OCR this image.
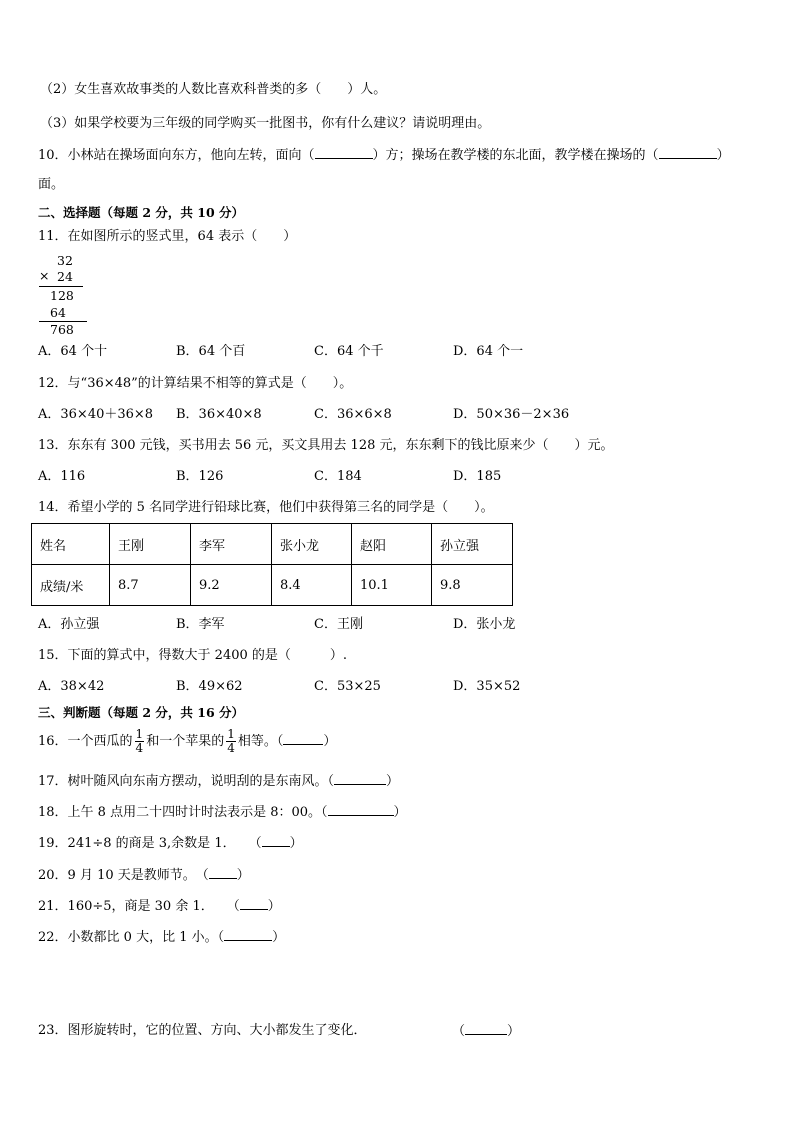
（2）女生喜欢故事类的人数比喜欢科普类的多（　　）人。
（3）如果学校要为三年级的同学购买一批图书，你有什么建议？请说明理由。
10．小林站在操场面向东方，他向左转，面向（	）方；操场在教学楼的东北面，教学楼在操场的（	）
面。
二、选择题（每题 2 分，共 10 分）
11．在如图所示的竖式里，64 表示（　　）
32
× 24
128
64
768
A．64 个十	B．64 个百	C．64 个千	D．64 个一
12．与“36×48”的计算结果不相等的算式是（　　）。
A．36×40＋36×8 B．36×40×8	C．36×6×8	D．50×36－2×36
13．东东有 300 元钱，买书用去 56 元，买文具用去 128 元，东东剩下的钱比原来少（　　）元。
A．116	B．126	C．184	D．185
14．希望小学的 5 名同学进行铅球比赛，他们中获得第三名的同学是（　　）。
姓名	王刚	李军	张小龙	赵阳	孙立强
成绩/米	8.7	9.2	8.4	10.1	9.8
A．孙立强	B．李军	C．王刚	D．张小龙
15．下面的算式中，得数大于 2400 的是（　　　）.
A．38×42	B．49×62	C．53×25	D．35×52
三、判断题（每题 2 分，共 16 分）
16．一个西瓜的 $\frac{1}{4}$ 和一个苹果的 $\frac{1}{4}$ 相等。（	）
17．树叶随风向东南方摆动，说明刮的是东南风。（	）
18．上午 8 点用二十四时计时法表示是 8：00。（	）
19．241÷8 的商是 3,余数是 1．　　（ ）
20．9 月 10 天是教师节。　（ ）
21．160÷5，商是 30 余 1．　　（ ）
22．小数都比 0 大，比 1 小。（	）
23．图形旋转时，它的位置、方向、大小都发生了变化．	（	）
